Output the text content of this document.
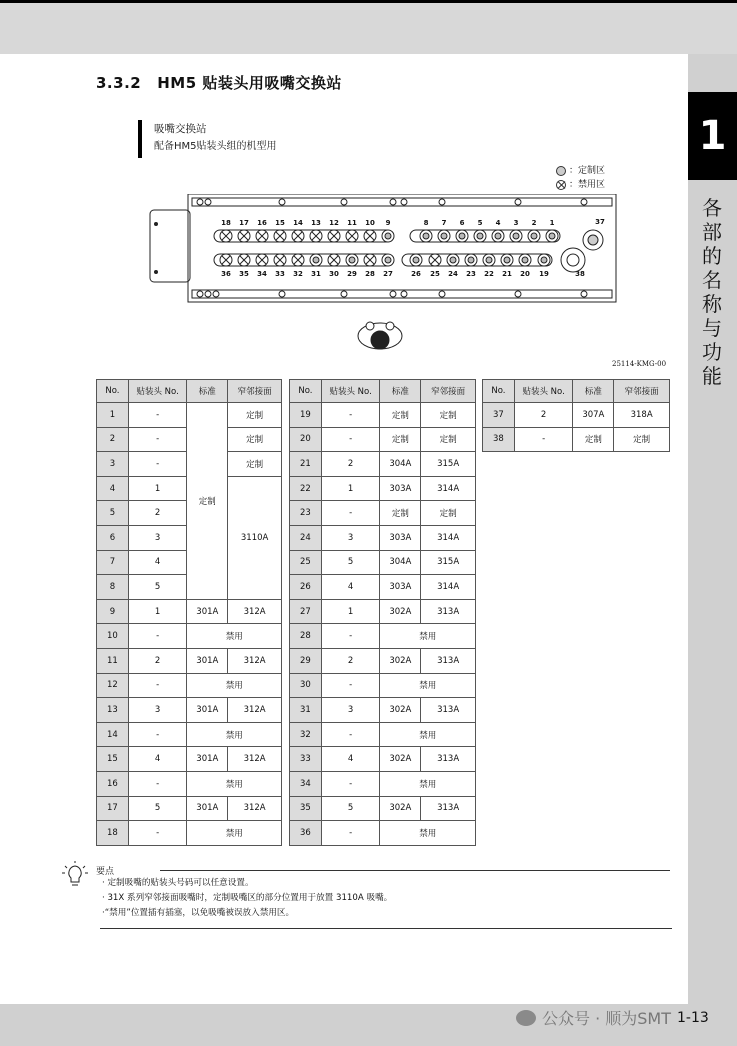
1
各
部
的
名
称
与
功
能
3.3.2 HM5 贴装头用吸嘴交换站
吸嘴交换站
配备HM5贴装头组的机型用
：定制区
：禁用区
18 17 16 15 14 13 12 11 10 9	8 7 6 5 4 3 2 1
36 35 34 33 32 31 30 29 28 27	26 25 24 23 22 21 20 19
37
38
25114-KMG-00
No.	贴装头 No.	标准	窄邻接面
1	-	定制	定制
2	-		定制
3	-		定制
4	1		3110A
5	2		
6	3		
7	4		
8	5		
9	1	301A	312A
10	-	禁用	
11	2	301A	312A
12	-	禁用	
13	3	301A	312A
14	-	禁用	
15	4	301A	312A
16	-	禁用	
17	5	301A	312A
18	-	禁用	
No.	贴装头 No.	标准	窄邻接面
19	-	定制	定制
20	-	定制	定制
21	2	304A	315A
22	1	303A	314A
23	-	定制	定制
24	3	303A	314A
25	5	304A	315A
26	4	303A	314A
27	1	302A	313A
28	-	禁用	
29	2	302A	313A
30	-	禁用	
31	3	302A	313A
32	-	禁用	
33	4	302A	313A
34	-	禁用	
35	5	302A	313A
36	-	禁用	
No.	贴装头 No.	标准	窄邻接面
37	2	307A	318A
38	-	定制	定制
要点
· 定制吸嘴的贴装头号码可以任意设置。
· 31X 系列窄邻接面吸嘴时，定制吸嘴区的部分位置用于放置 3110A 吸嘴。
·“禁用”位置插有插塞，以免吸嘴被误放入禁用区。
公众号 · 顺为SMT 1-13
